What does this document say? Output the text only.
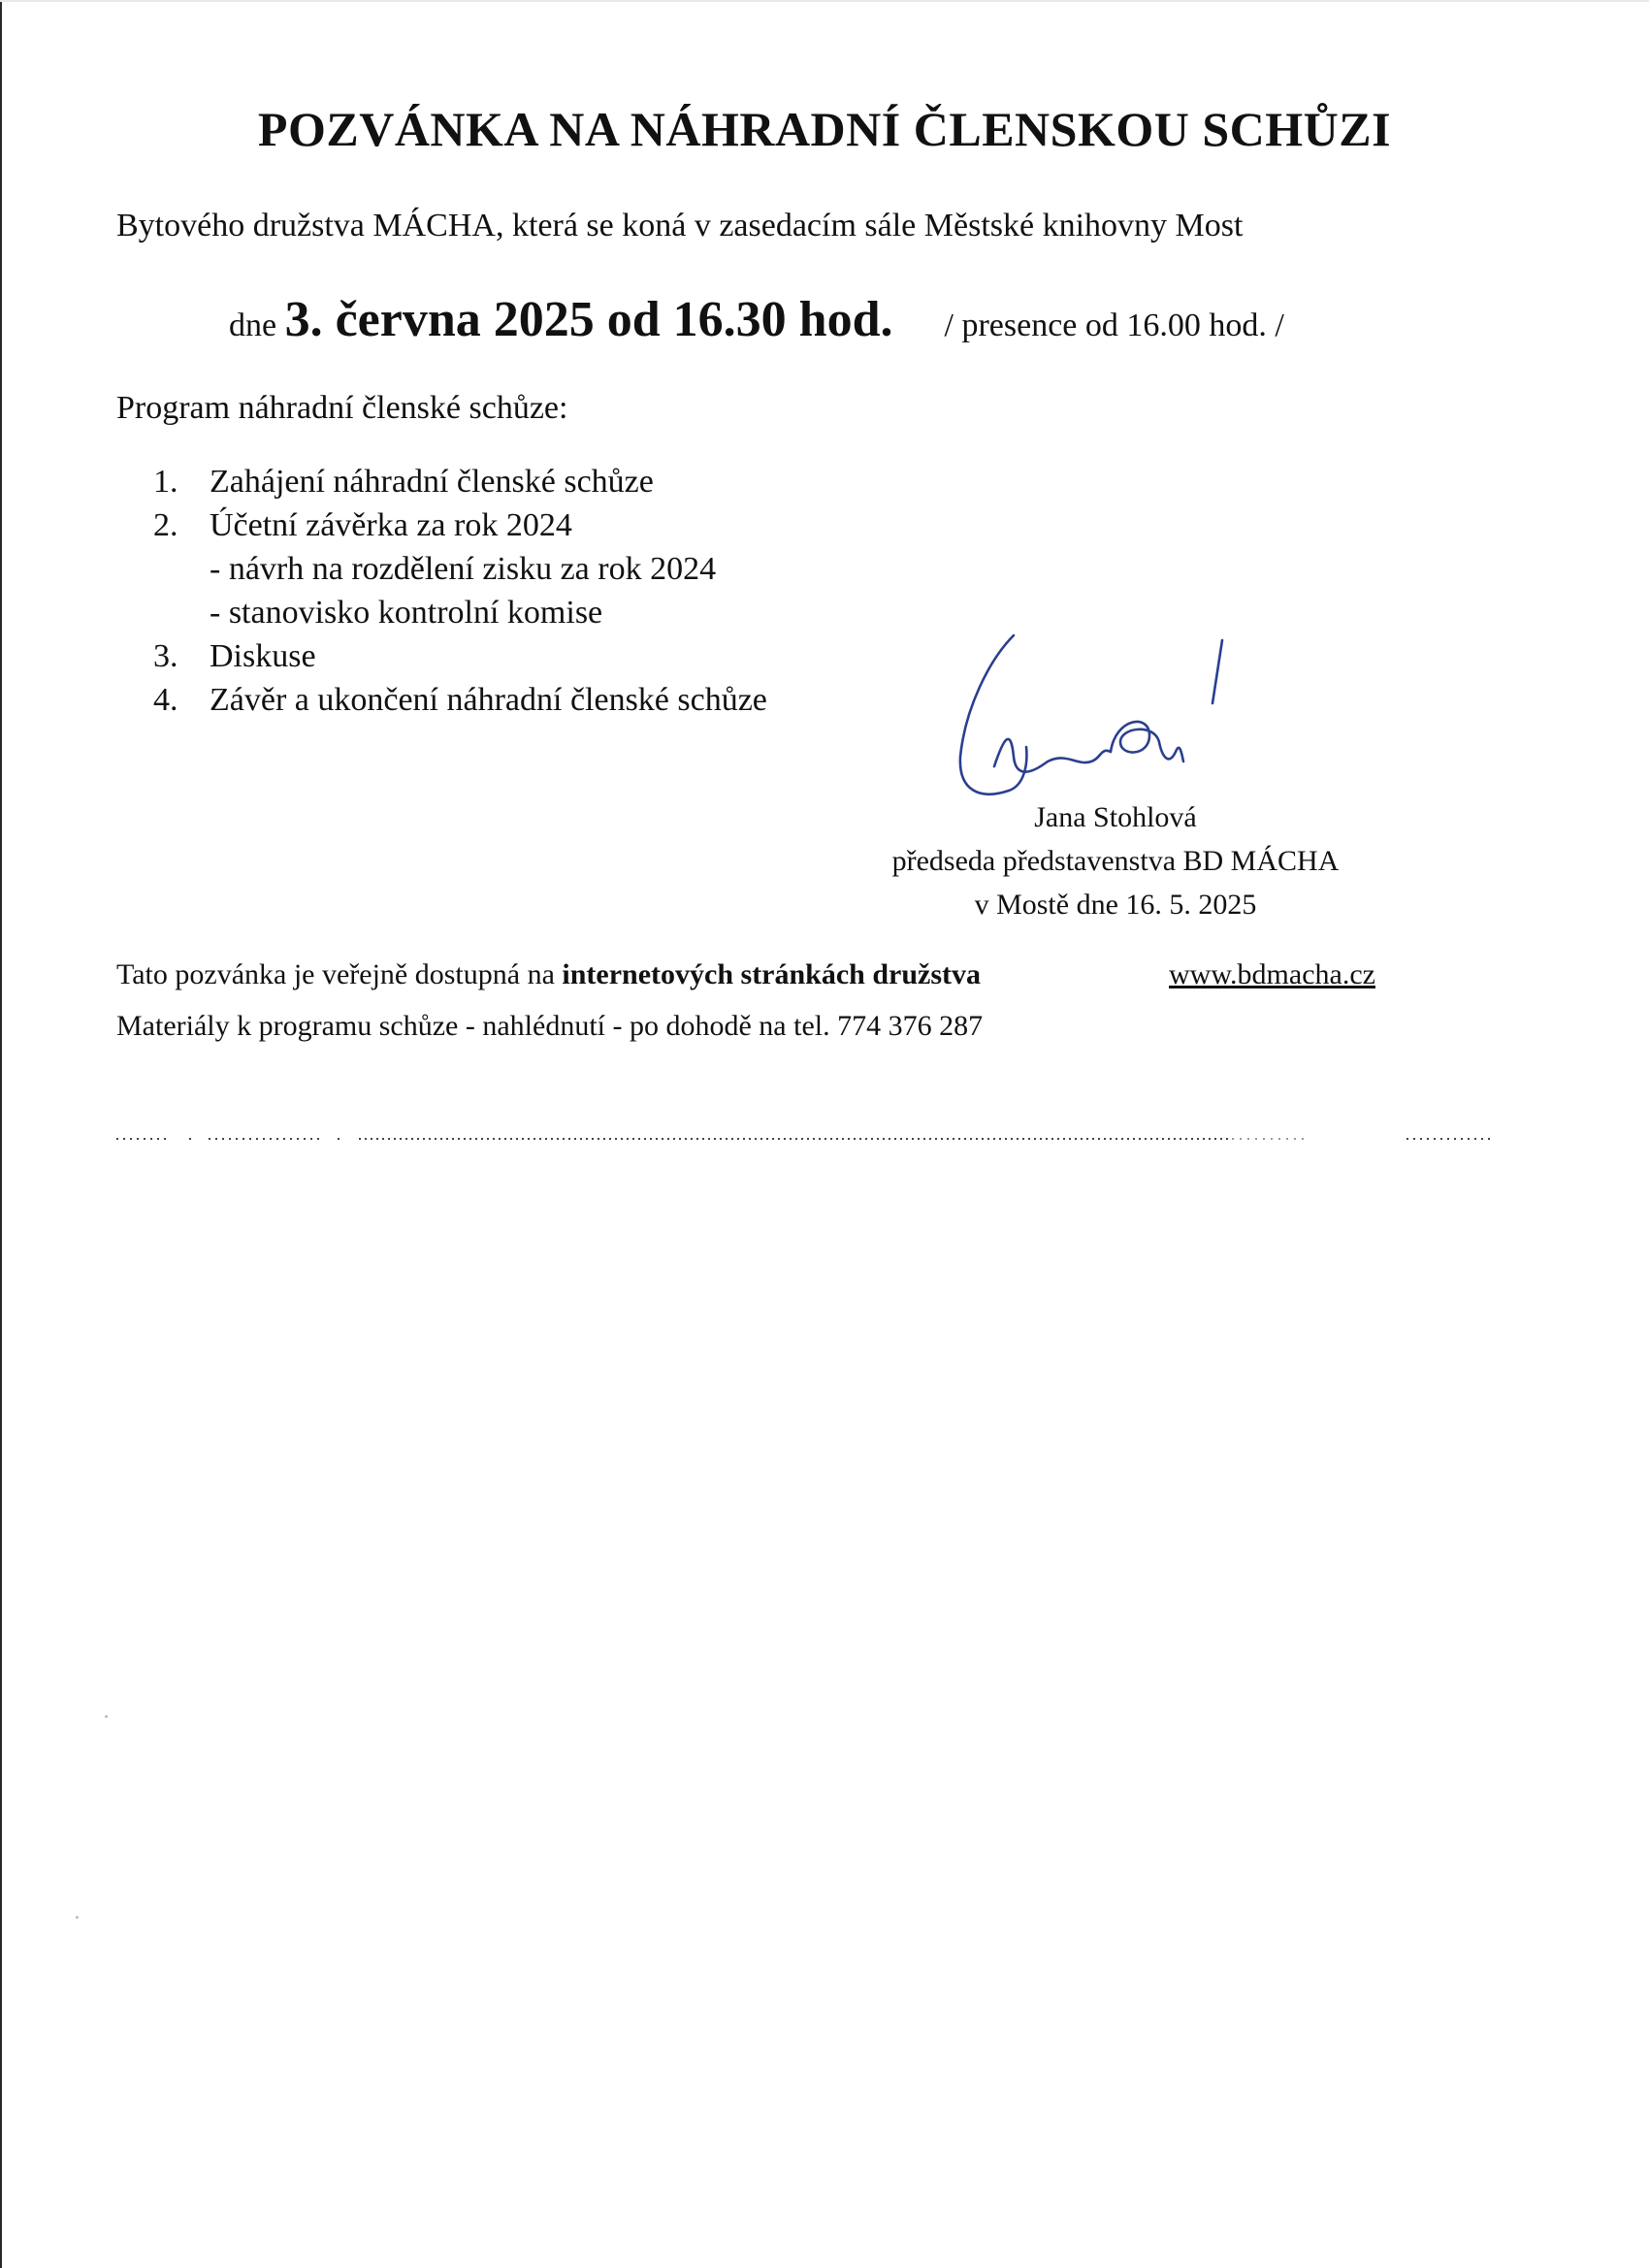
POZVÁNKA NA NÁHRADNÍ ČLENSKOU SCHŮZI
Bytového družstva MÁCHA, která se koná v zasedacím sále Městské knihovny Most
dne 3. června 2025 od 16.30 hod. / presence od 16.00 hod. /
Program náhradní členské schůze:
1. Zahájení náhradní členské schůze
2. Účetní závěrka za rok 2024
- návrh na rozdělení zisku za rok 2024
- stanovisko kontrolní komise
3. Diskuse
4. Závěr a ukončení náhradní členské schůze
Jana Stohlová
předseda představenstva BD MÁCHA
v Mostě dne 16. 5. 2025
Tato pozvánka je veřejně dostupná na internetových stránkách družstva	www.bdmacha.cz
Materiály k programu schůze - nahlédnutí - po dohodě na tel. 774 376 287
